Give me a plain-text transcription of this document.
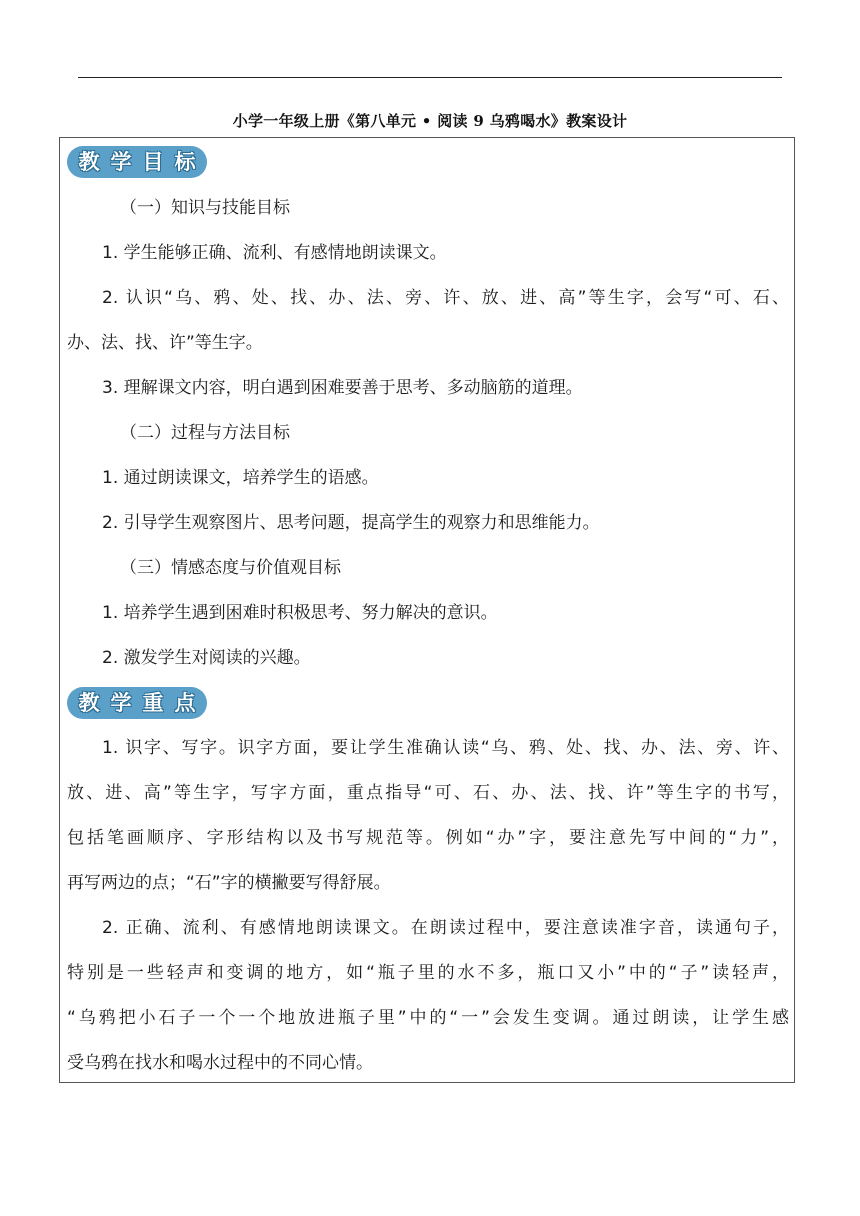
小学一年级上册《第八单元 • 阅读 9 乌鸦喝水》教案设计
教 学 目 标
（一）知识与技能目标
1. 学生能够正确、流利、有感情地朗读课文。
2. 认识“乌、鸦、处、找、办、法、旁、许、放、进、高”等生字，会写“可、石、
办、法、找、许”等生字。
3. 理解课文内容，明白遇到困难要善于思考、多动脑筋的道理。
（二）过程与方法目标
1. 通过朗读课文，培养学生的语感。
2. 引导学生观察图片、思考问题，提高学生的观察力和思维能力。
（三）情感态度与价值观目标
1. 培养学生遇到困难时积极思考、努力解决的意识。
2. 激发学生对阅读的兴趣。
教 学 重 点
1. 识字、写字。识字方面，要让学生准确认读“乌、鸦、处、找、办、法、旁、许、
放、进、高”等生字，写字方面，重点指导“可、石、办、法、找、许”等生字的书写，
包括笔画顺序、字形结构以及书写规范等。例如“办”字，要注意先写中间的“力”，
再写两边的点；“石”字的横撇要写得舒展。
2. 正确、流利、有感情地朗读课文。在朗读过程中，要注意读准字音，读通句子，
特别是一些轻声和变调的地方，如“瓶子里的水不多，瓶口又小”中的“子”读轻声，
“乌鸦把小石子一个一个地放进瓶子里”中的“一”会发生变调。通过朗读，让学生感
受乌鸦在找水和喝水过程中的不同心情。
